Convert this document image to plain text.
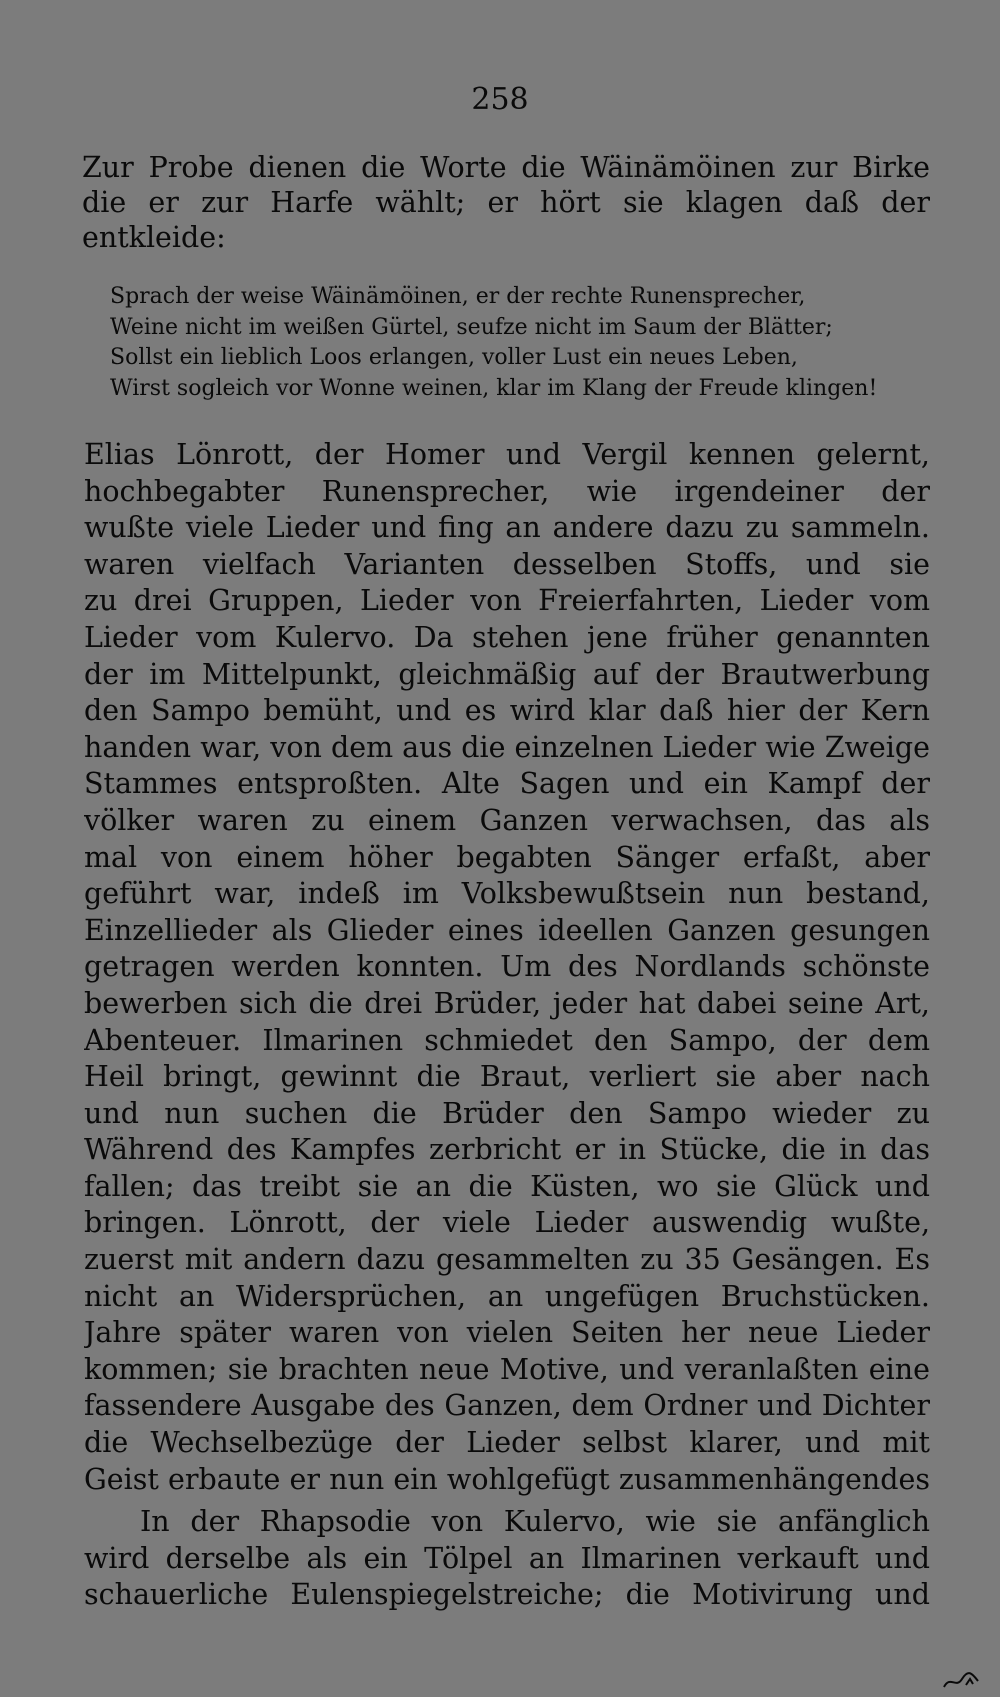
258
Zur Probe dienen die Worte die Wäinämöinen zur Birke
die er zur Harfe wählt; er hört sie klagen daß der
entkleide:
Sprach der weise Wäinämöinen, er der rechte Runensprecher,
Weine nicht im weißen Gürtel, seufze nicht im Saum der Blätter;
Sollst ein lieblich Loos erlangen, voller Lust ein neues Leben,
Wirst sogleich vor Wonne weinen, klar im Klang der Freude klingen!
Elias Lönrott, der Homer und Vergil kennen gelernt,
hochbegabter Runensprecher, wie irgendeiner der
wußte viele Lieder und fing an andere dazu zu sammeln.
waren vielfach Varianten desselben Stoffs, und sie
zu drei Gruppen, Lieder von Freierfahrten, Lieder vom
Lieder vom Kulervo. Da stehen jene früher genannten
der im Mittelpunkt, gleichmäßig auf der Brautwerbung
den Sampo bemüht, und es wird klar daß hier der Kern
handen war, von dem aus die einzelnen Lieder wie Zweige
Stammes entsproßten. Alte Sagen und ein Kampf der
völker waren zu einem Ganzen verwachsen, das als
mal von einem höher begabten Sänger erfaßt, aber
geführt war, indeß im Volksbewußtsein nun bestand,
Einzellieder als Glieder eines ideellen Ganzen gesungen
getragen werden konnten. Um des Nordlands schönste
bewerben sich die drei Brüder, jeder hat dabei seine Art,
Abenteuer. Ilmarinen schmiedet den Sampo, der dem
Heil bringt, gewinnt die Braut, verliert sie aber nach
und nun suchen die Brüder den Sampo wieder zu
Während des Kampfes zerbricht er in Stücke, die in das
fallen; das treibt sie an die Küsten, wo sie Glück und
bringen. Lönrott, der viele Lieder auswendig wußte,
zuerst mit andern dazu gesammelten zu 35 Gesängen. Es
nicht an Widersprüchen, an ungefügen Bruchstücken.
Jahre später waren von vielen Seiten her neue Lieder
kommen; sie brachten neue Motive, und veranlaßten eine
fassendere Ausgabe des Ganzen, dem Ordner und Dichter
die Wechselbezüge der Lieder selbst klarer, und mit
Geist erbaute er nun ein wohlgefügt zusammenhängendes
In der Rhapsodie von Kulervo, wie sie anfänglich
wird derselbe als ein Tölpel an Ilmarinen verkauft und
schauerliche Eulenspiegelstreiche; die Motivirung und
